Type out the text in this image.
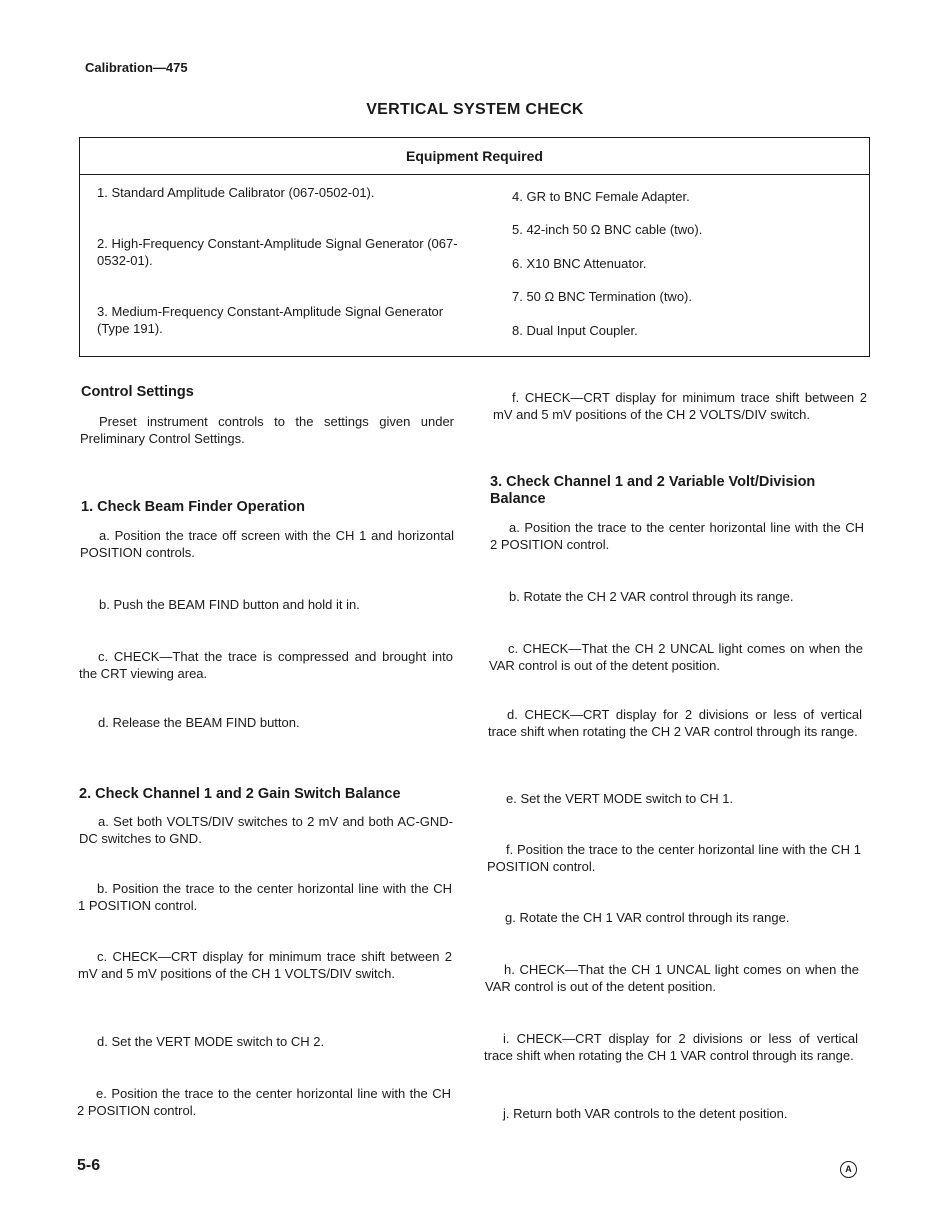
Calibration—475
VERTICAL SYSTEM CHECK
Equipment Required
1. Standard Amplitude Calibrator (067-0502-01).
2. High-Frequency Constant-Amplitude Signal Generator (067-0532-01).
3. Medium-Frequency Constant-Amplitude Signal Generator (Type 191).
4. GR to BNC Female Adapter.
5. 42-inch 50 Ω BNC cable (two).
6. X10 BNC Attenuator.
7. 50 Ω BNC Termination (two).
8. Dual Input Coupler.
Control Settings
Preset instrument controls to the settings given under Preliminary Control Settings.
1. Check Beam Finder Operation
a. Position the trace off screen with the CH 1 and horizontal POSITION controls.
b. Push the BEAM FIND button and hold it in.
c. CHECK—That the trace is compressed and brought into the CRT viewing area.
d. Release the BEAM FIND button.
2. Check Channel 1 and 2 Gain Switch Balance
a. Set both VOLTS/DIV switches to 2 mV and both AC-GND-DC switches to GND.
b. Position the trace to the center horizontal line with the CH 1 POSITION control.
c. CHECK—CRT display for minimum trace shift between 2 mV and 5 mV positions of the CH 1 VOLTS/DIV switch.
d. Set the VERT MODE switch to CH 2.
e. Position the trace to the center horizontal line with the CH 2 POSITION control.
f. CHECK—CRT display for minimum trace shift between 2 mV and 5 mV positions of the CH 2 VOLTS/DIV switch.
3. Check Channel 1 and 2 Variable Volt/Division Balance
a. Position the trace to the center horizontal line with the CH 2 POSITION control.
b. Rotate the CH 2 VAR control through its range.
c. CHECK—That the CH 2 UNCAL light comes on when the VAR control is out of the detent position.
d. CHECK—CRT display for 2 divisions or less of vertical trace shift when rotating the CH 2 VAR control through its range.
e. Set the VERT MODE switch to CH 1.
f. Position the trace to the center horizontal line with the CH 1 POSITION control.
g. Rotate the CH 1 VAR control through its range.
h. CHECK—That the CH 1 UNCAL light comes on when the VAR control is out of the detent position.
i. CHECK—CRT display for 2 divisions or less of vertical trace shift when rotating the CH 1 VAR control through its range.
j. Return both VAR controls to the detent position.
5-6	A
